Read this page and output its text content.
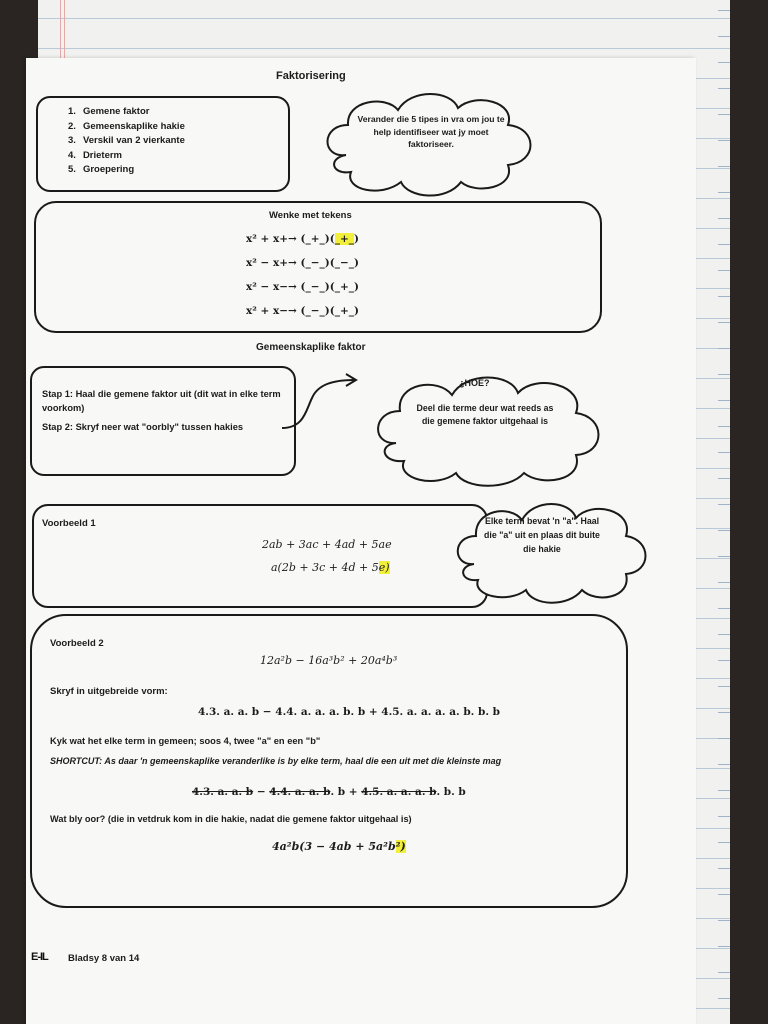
Faktorisering
1. Gemene faktor
2. Gemeenskaplike hakie
3. Verskil van 2 vierkante
4. Drieterm
5. Groepering
Verander die 5 tipes in vra om jou te help identifiseer wat jy moet faktoriseer.
Wenke met tekens
x² + x+→ (_+_)(_+_)
x² − x+→ (_−_)(_−_)
x² − x−→ (_−_)(_+_)
x² + x−→ (_−_)(_+_)
Gemeenskaplike faktor
Stap 1: Haal die gemene faktor uit (dit wat in elke term voorkom)
Stap 2: Skryf neer wat "oorbly" tussen hakies
¿HOE?
Deel die terme deur wat reeds as die gemene faktor uitgehaal is
Voorbeeld 1
2ab + 3ac + 4ad + 5ae
a(2b + 3c + 4d + 5e)
Elke term bevat 'n "a". Haal die "a" uit en plaas dit buite die hakie
Voorbeeld 2
12a²b − 16a³b² + 20a⁴b³
Skryf in uitgebreide vorm:
4.3. a. a. b − 4.4. a. a. a. b. b + 4.5. a. a. a. a. b. b. b
Kyk wat het elke term in gemeen; soos 4, twee "a" en een "b"
SHORTCUT: As daar 'n gemeenskaplike veranderlike is by elke term, haal die een uit met die kleinste mag
4.3. a. a. b − 4.4. a. a. b. b + 4.5. a. a. a. b. b. b
Wat bly oor? (die in vetdruk kom in die hakie, nadat die gemene faktor uitgehaal is)
4a²b(3 − 4ab + 5a²b²)
E-IL Bladsy 8 van 14
